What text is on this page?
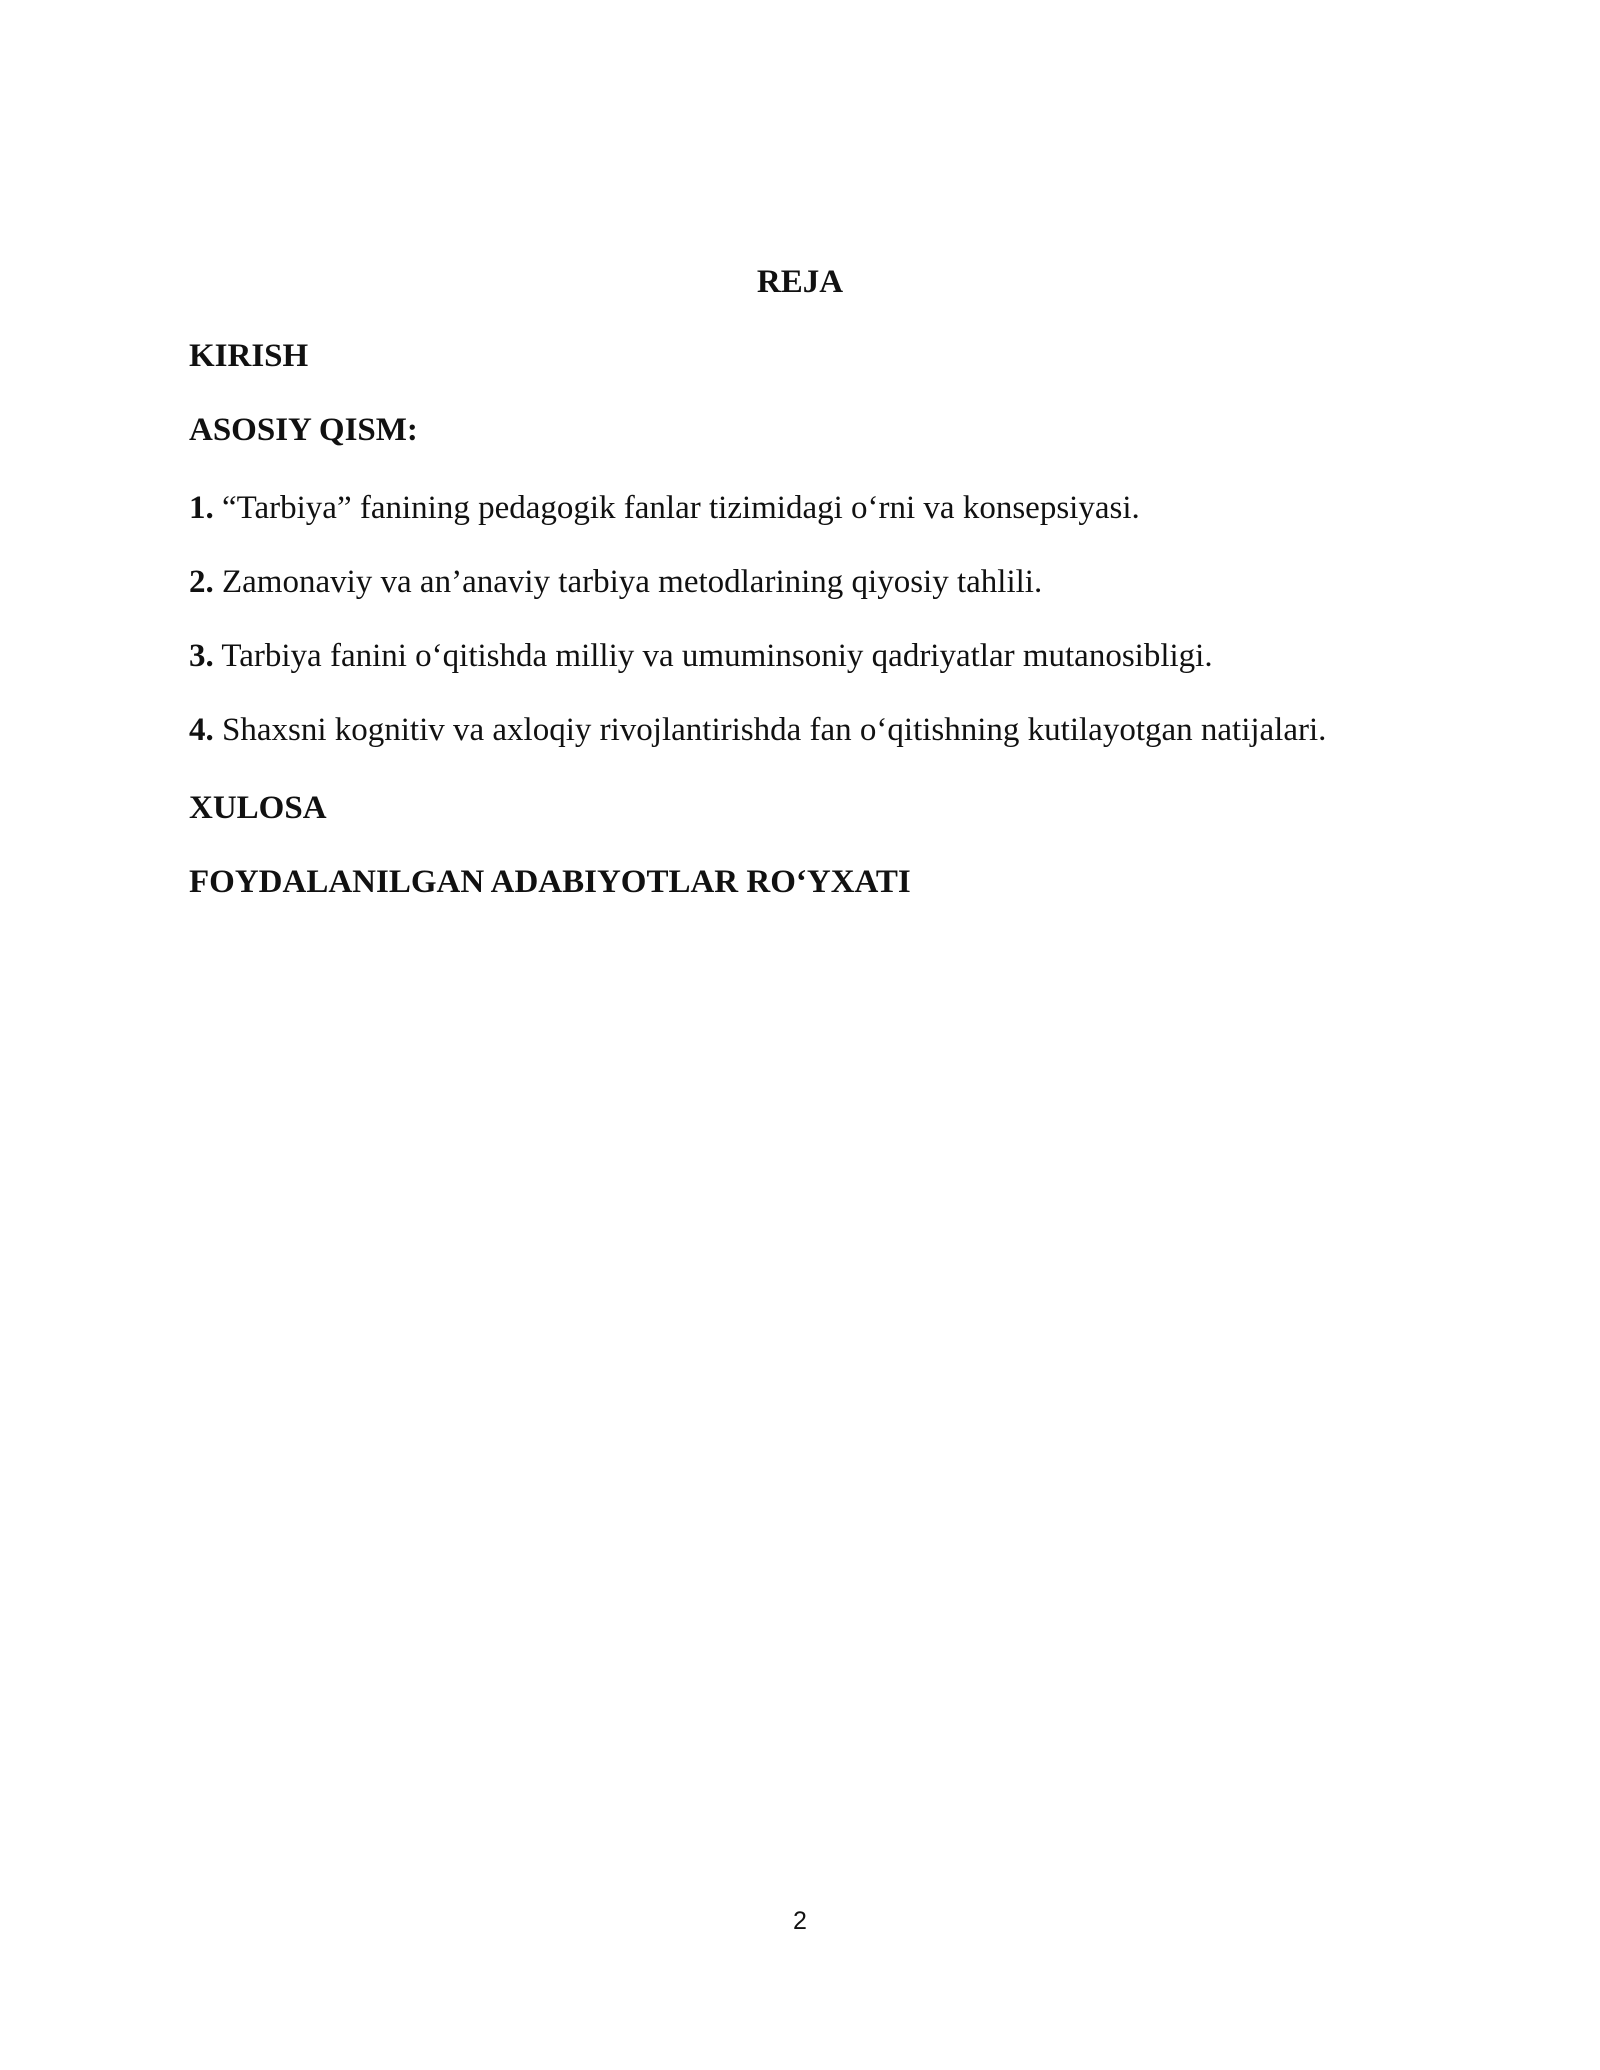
REJA
KIRISH
ASOSIY QISM:
1. “Tarbiya” fanining pedagogik fanlar tizimidagi o‘rni va konsepsiyasi.
2. Zamonaviy va an’anaviy tarbiya metodlarining qiyosiy tahlili.
3. Tarbiya fanini o‘qitishda milliy va umuminsoniy qadriyatlar mutanosibligi.
4. Shaxsni kognitiv va axloqiy rivojlantirishda fan o‘qitishning kutilayotgan natijalari.
XULOSA
FOYDALANILGAN ADABIYOTLAR RO‘YXATI
2
